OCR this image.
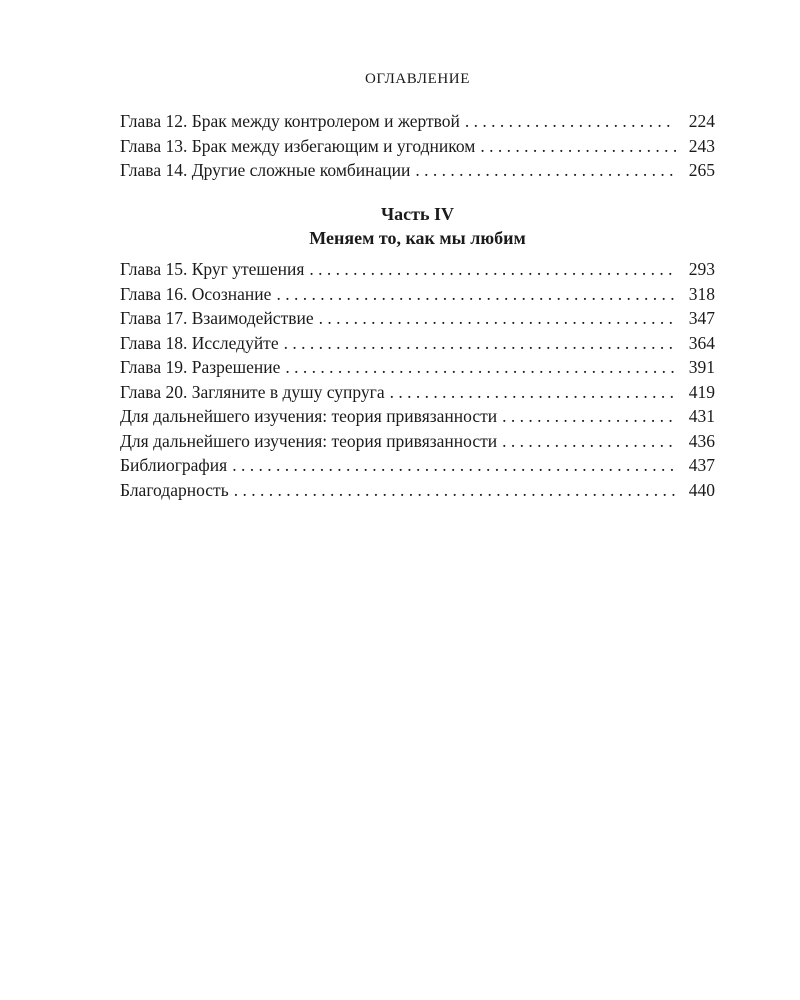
ОГЛАВЛЕНИЕ
Глава 12. Брак между контролером и жертвой . . .	224
Глава 13. Брак между избегающим и угодником . . .	243
Глава 14. Другие сложные комбинации . . .	265
Часть IV
Меняем то, как мы любим
Глава 15. Круг утешения . . .	293
Глава 16. Осознание . . .	318
Глава 17. Взаимодействие . . .	347
Глава 18. Исследуйте . . .	364
Глава 19. Разрешение . . .	391
Глава 20. Загляните в душу супруга . . .	419
Для дальнейшего изучения: теория привязанности . . .	431
Для дальнейшего изучения: теория привязанности . . .	436
Библиография . . .	437
Благодарность . . .	440
